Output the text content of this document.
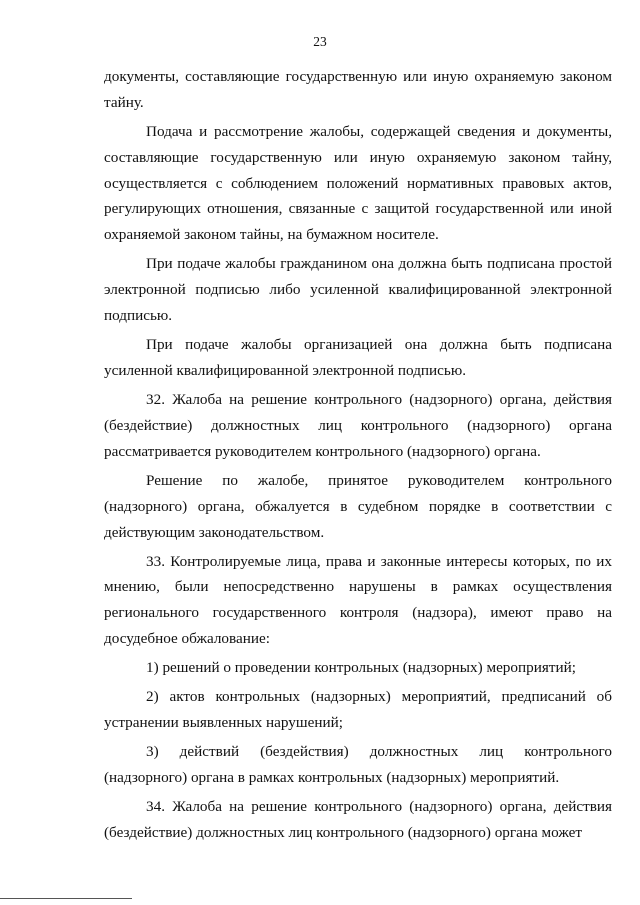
23

документы, составляющие государственную или иную охраняемую законом тайну.

Подача и рассмотрение жалобы, содержащей сведения и документы, составляющие государственную или иную охраняемую законом тайну, осуществляется с соблюдением положений нормативных правовых актов, регулирующих отношения, связанные с защитой государственной или иной охраняемой законом тайны, на бумажном носителе.

При подаче жалобы гражданином она должна быть подписана простой электронной подписью либо усиленной квалифицированной электронной подписью.

При подаче жалобы организацией она должна быть подписана усиленной квалифицированной электронной подписью.

32. Жалоба на решение контрольного (надзорного) органа, действия (бездействие) должностных лиц контрольного (надзорного) органа рассматривается руководителем контрольного (надзорного) органа.

Решение по жалобе, принятое руководителем контрольного (надзорного) органа, обжалуется в судебном порядке в соответствии с действующим законодательством.

33. Контролируемые лица, права и законные интересы которых, по их мнению, были непосредственно нарушены в рамках осуществления регионального государственного контроля (надзора), имеют право на досудебное обжалование:

1) решений о проведении контрольных (надзорных) мероприятий;

2) актов контрольных (надзорных) мероприятий, предписаний об устранении выявленных нарушений;

3) действий (бездействия) должностных лиц контрольного (надзорного) органа в рамках контрольных (надзорных) мероприятий.

34. Жалоба на решение контрольного (надзорного) органа, действия (бездействие) должностных лиц контрольного (надзорного) органа может
